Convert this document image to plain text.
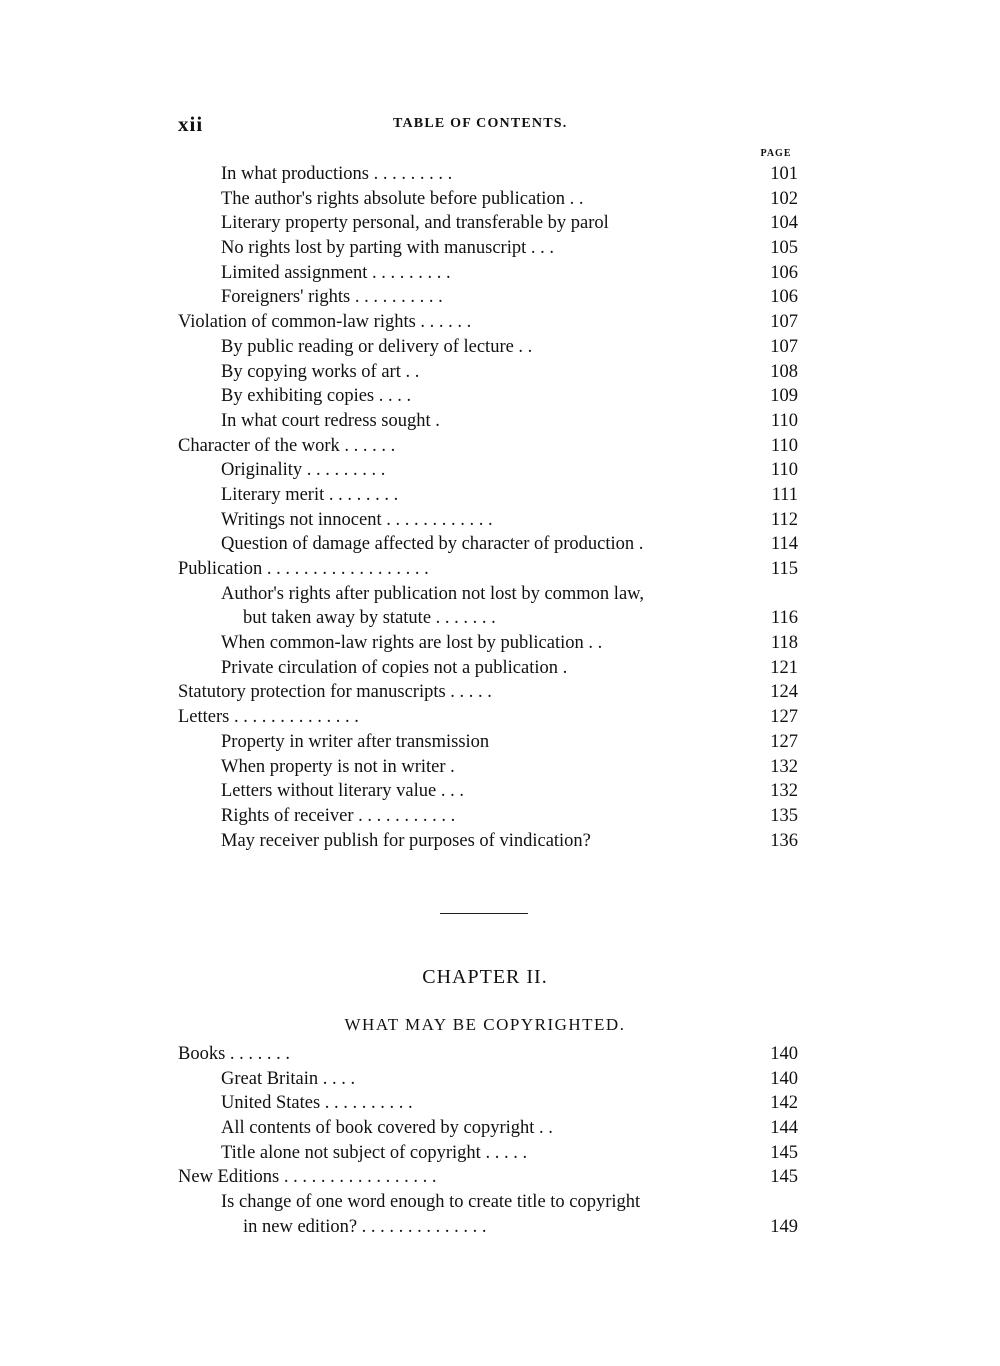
xii	TABLE OF CONTENTS.
PAGE
In what productions . . . . . . . . .	101
The author's rights absolute before publication . .	102
Literary property personal, and transferable by parol	104
No rights lost by parting with manuscript . . .	105
Limited assignment . . . . . . . . .	106
Foreigners' rights . . . . . . . . . .	106
Violation of common-law rights . . . . . .	107
By public reading or delivery of lecture . .	107
By copying works of art . .	108
By exhibiting copies . . . .	109
In what court redress sought .	110
Character of the work . . . . . .	110
Originality . . . . . . . . .	110
Literary merit . . . . . . . .	111
Writings not innocent . . . . . . . . . . . .	112
Question of damage affected by character of production .	114
Publication . . . . . . . . . . . . . . . . . .	115
Author's rights after publication not lost by common law,
but taken away by statute . . . . . . .	116
When common-law rights are lost by publication . .	118
Private circulation of copies not a publication .	121
Statutory protection for manuscripts . . . . .	124
Letters . . . . . . . . . . . . . .	127
Property in writer after transmission	127
When property is not in writer .	132
Letters without literary value . . .	132
Rights of receiver . . . . . . . . . . .	135
May receiver publish for purposes of vindication?	136
CHAPTER II.
WHAT MAY BE COPYRIGHTED.
Books . . . . . . .	140
Great Britain . . . .	140
United States . . . . . . . . . .	142
All contents of book covered by copyright . .	144
Title alone not subject of copyright . . . . .	145
New Editions . . . . . . . . . . . . . . . . .	145
Is change of one word enough to create title to copyright
in new edition? . . . . . . . . . . . . . .	149
